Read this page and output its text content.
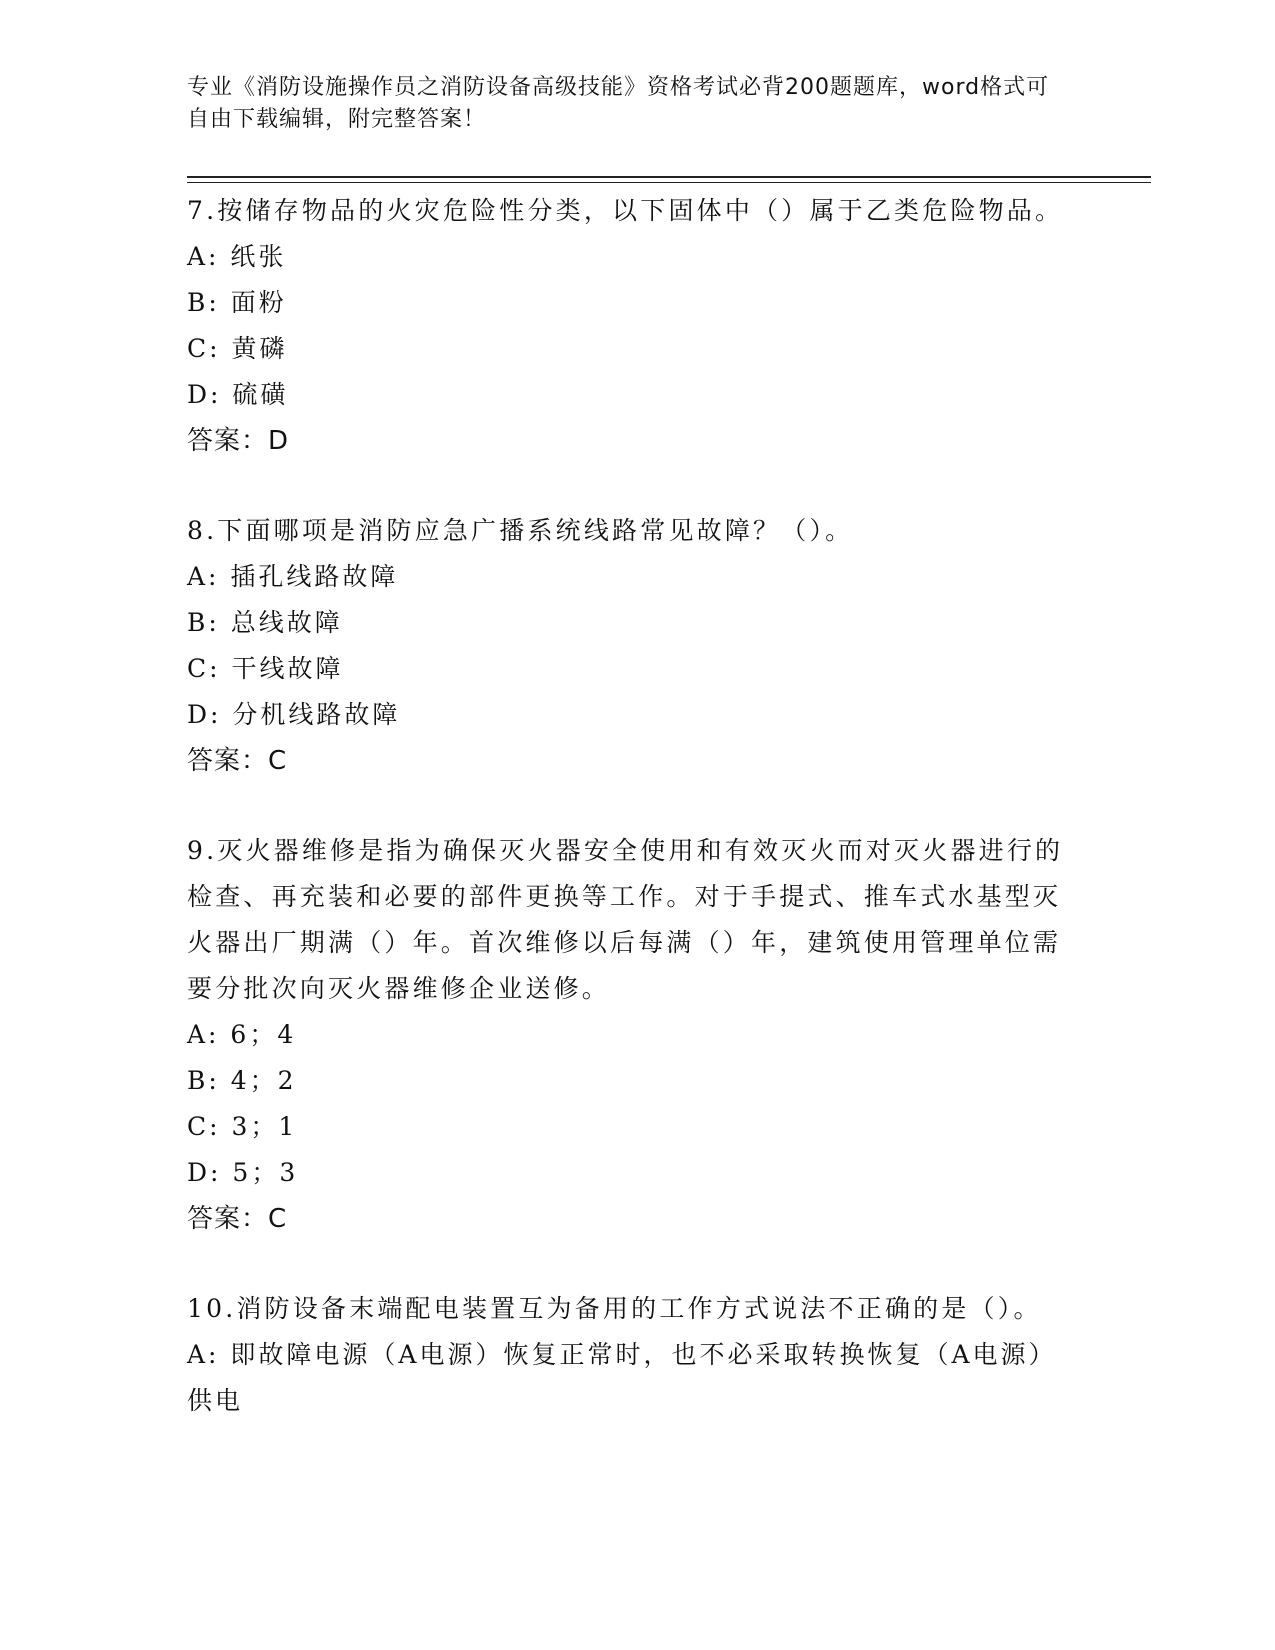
专业《消防设施操作员之消防设备高级技能》资格考试必背200题题库，word格式可自由下载编辑，附完整答案！
7.按储存物品的火灾危险性分类，以下固体中（）属于乙类危险物品。
A: 纸张
B: 面粉
C: 黄磷
D: 硫磺
答案：D
8.下面哪项是消防应急广播系统线路常见故障？（）。
A: 插孔线路故障
B: 总线故障
C: 干线故障
D: 分机线路故障
答案：C
9.灭火器维修是指为确保灭火器安全使用和有效灭火而对灭火器进行的检查、再充装和必要的部件更换等工作。对于手提式、推车式水基型灭火器出厂期满（）年。首次维修以后每满（）年，建筑使用管理单位需要分批次向灭火器维修企业送修。
A: 6；4
B: 4；2
C: 3；1
D: 5；3
答案：C
10.消防设备末端配电装置互为备用的工作方式说法不正确的是（）。
A: 即故障电源（A电源）恢复正常时，也不必采取转换恢复（A电源）供电
